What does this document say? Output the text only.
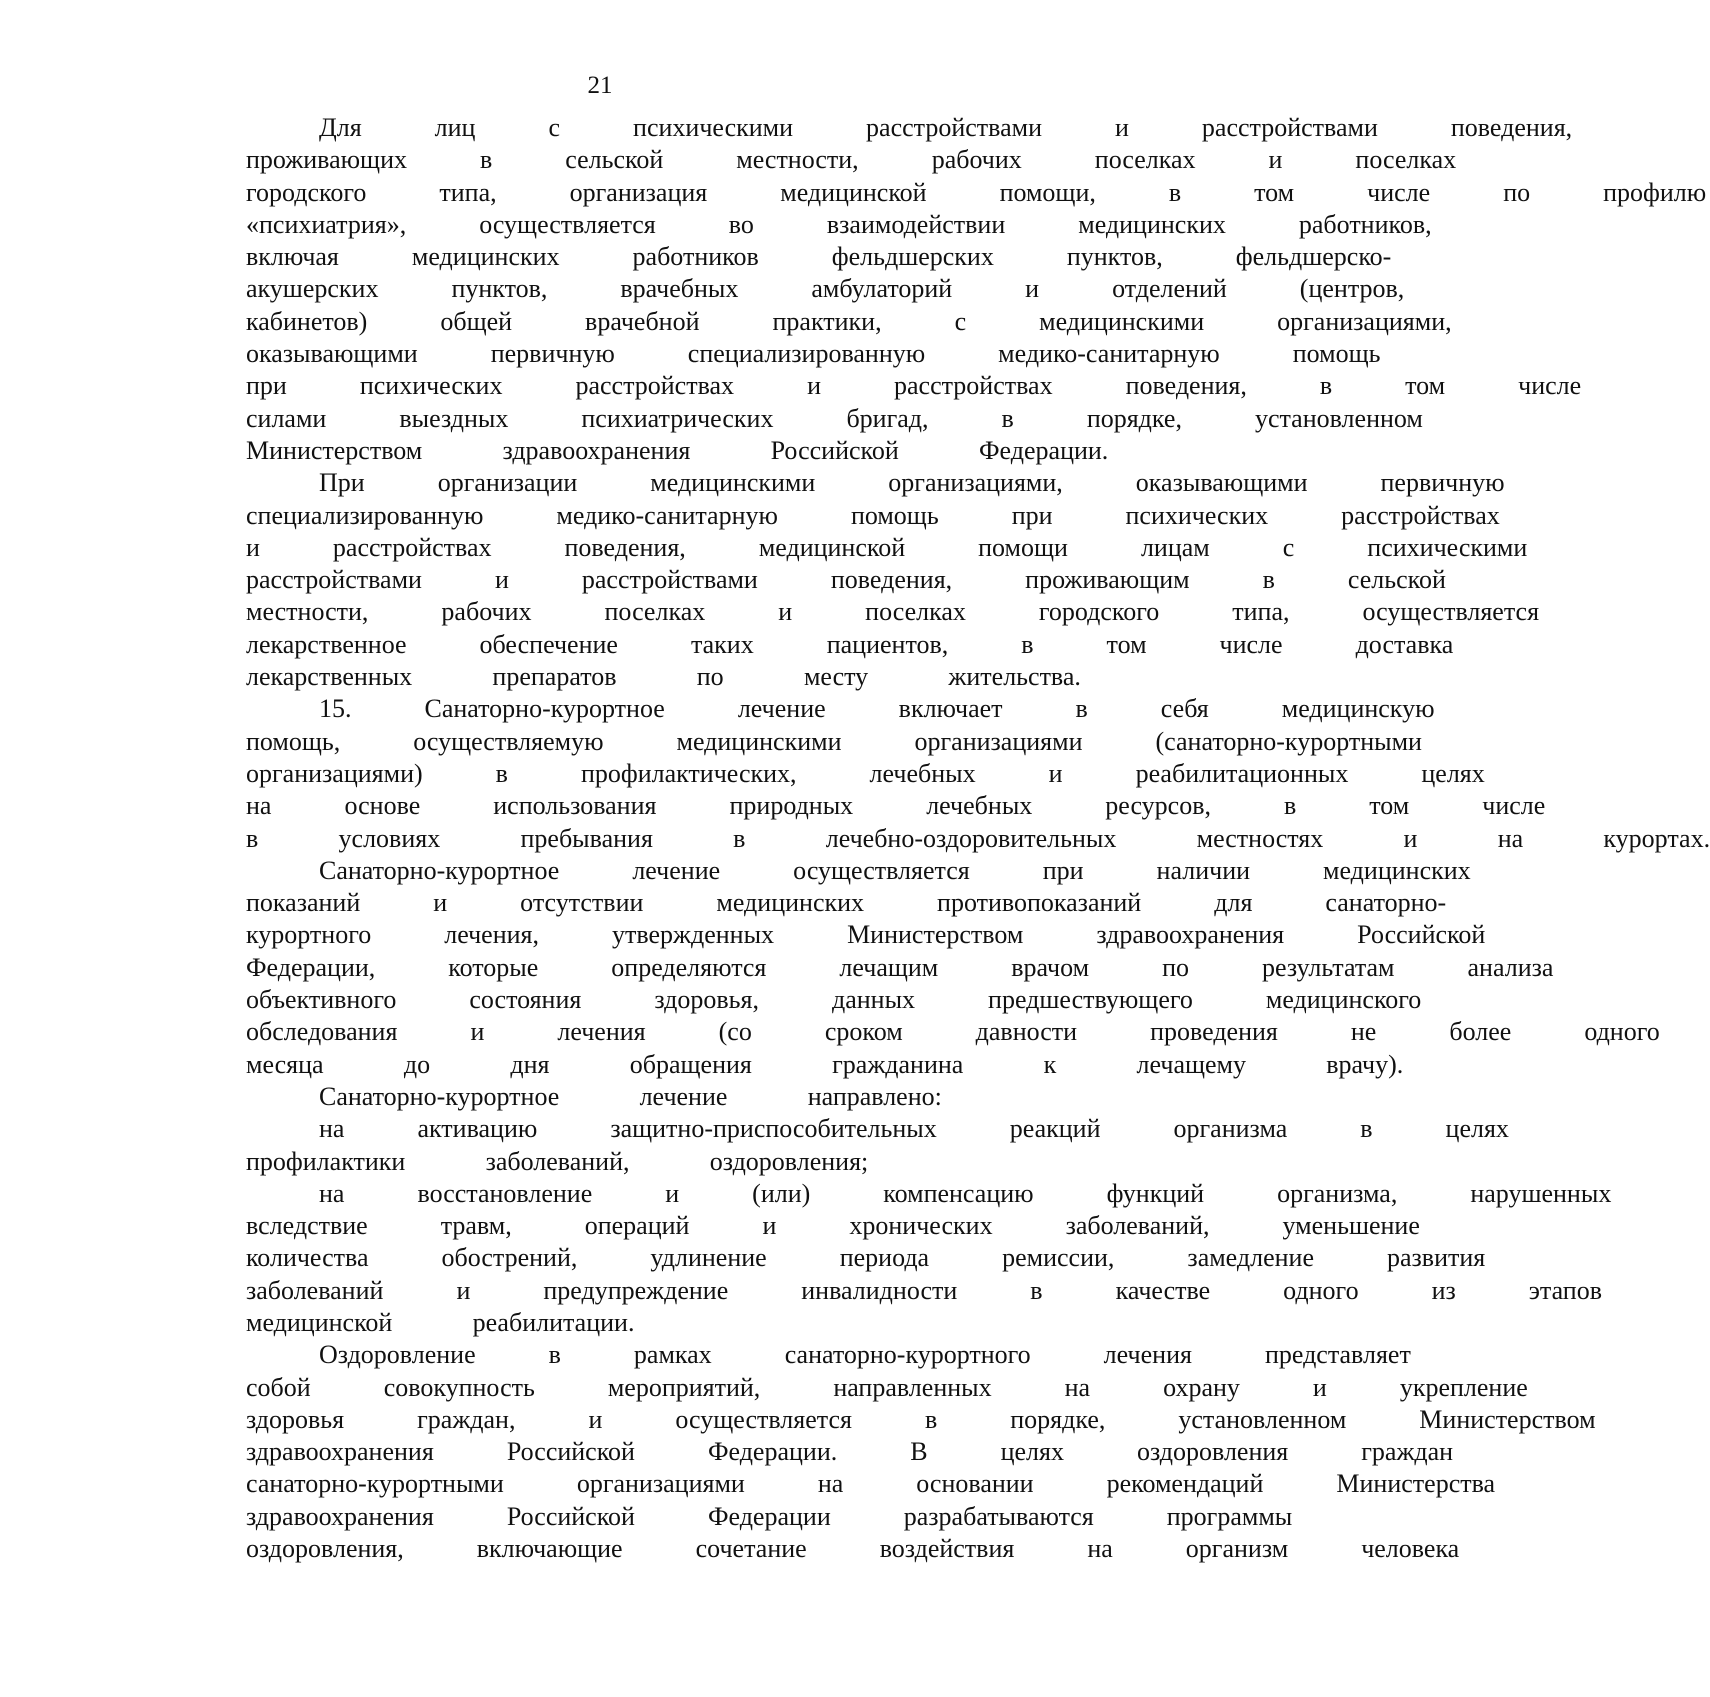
21
Для	лиц	с	психическими	расстройствами	и	расстройствами	поведения,
проживающих	в	сельской	местности,	рабочих	поселках	и	поселках
городского	типа,	организация	медицинской	помощи,	в	том	числе	по	профилю
«психиатрия»,	осуществляется	во	взаимодействии	медицинских	работников,
включая	медицинских	работников	фельдшерских	пунктов,	фельдшерско-
акушерских	пунктов,	врачебных	амбулаторий	и	отделений	(центров,
кабинетов)	общей	врачебной	практики,	с	медицинскими	организациями,
оказывающими	первичную	специализированную	медико-санитарную	помощь
при	психических	расстройствах	и	расстройствах	поведения,	в	том	числе
силами	выездных	психиатрических	бригад,	в	порядке,	установленном
Министерством	здравоохранения	Российской	Федерации.
При	организации	медицинскими	организациями,	оказывающими	первичную
специализированную	медико-санитарную	помощь	при	психических	расстройствах
и	расстройствах	поведения,	медицинской	помощи	лицам	с	психическими
расстройствами	и	расстройствами	поведения,	проживающим	в	сельской
местности,	рабочих	поселках	и	поселках	городского	типа,	осуществляется
лекарственное	обеспечение	таких	пациентов,	в	том	числе	доставка
лекарственных	препаратов	по	месту	жительства.
15.	Санаторно-курортное	лечение	включает	в	себя	медицинскую
помощь,	осуществляемую	медицинскими	организациями	(санаторно-курортными
организациями)	в	профилактических,	лечебных	и	реабилитационных	целях
на	основе	использования	природных	лечебных	ресурсов,	в	том	числе
в	условиях	пребывания	в	лечебно-оздоровительных	местностях	и	на	курортах.
Санаторно-курортное	лечение	осуществляется	при	наличии	медицинских
показаний	и	отсутствии	медицинских	противопоказаний	для	санаторно-
курортного	лечения,	утвержденных	Министерством	здравоохранения	Российской
Федерации,	которые	определяются	лечащим	врачом	по	результатам	анализа
объективного	состояния	здоровья,	данных	предшествующего	медицинского
обследования	и	лечения	(со	сроком	давности	проведения	не	более	одного
месяца	до	дня	обращения	гражданина	к	лечащему	врачу).
Санаторно-курортное	лечение	направлено:
на	активацию	защитно-приспособительных	реакций	организма	в	целях
профилактики	заболеваний,	оздоровления;
на	восстановление	и	(или)	компенсацию	функций	организма,	нарушенных
вследствие	травм,	операций	и	хронических	заболеваний,	уменьшение
количества	обострений,	удлинение	периода	ремиссии,	замедление	развития
заболеваний	и	предупреждение	инвалидности	в	качестве	одного	из	этапов
медицинской	реабилитации.
Оздоровление	в	рамках	санаторно-курортного	лечения	представляет
собой	совокупность	мероприятий,	направленных	на	охрану	и	укрепление
здоровья	граждан,	и	осуществляется	в	порядке,	установленном	Министерством
здравоохранения	Российской	Федерации.	В	целях	оздоровления	граждан
санаторно-курортными	организациями	на	основании	рекомендаций	Министерства
здравоохранения	Российской	Федерации	разрабатываются	программы
оздоровления,	включающие	сочетание	воздействия	на	организм	человека
